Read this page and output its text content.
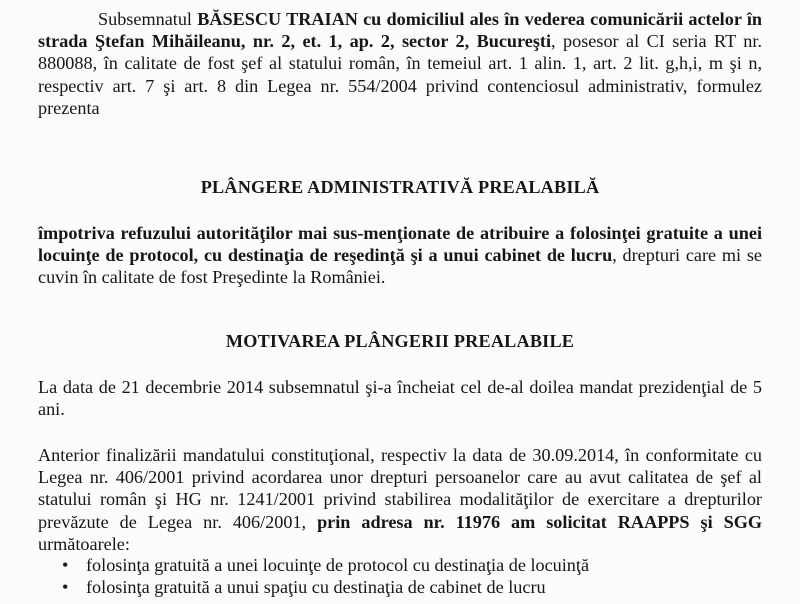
Subsemnatul BĂSESCU TRAIAN cu domiciliul ales în vederea comunicării actelor în strada Ştefan Mihăileanu, nr. 2, et. 1, ap. 2, sector 2, Bucureşti, posesor al CI seria RT nr. 880088, în calitate de fost şef al statului român, în temeiul art. 1 alin. 1, art. 2 lit. g,h,i, m şi n, respectiv art. 7 şi art. 8 din Legea nr. 554/2004 privind contenciosul administrativ, formulez prezenta

PLÂNGERE ADMINISTRATIVĂ PREALABILĂ

împotriva refuzului autorităţilor mai sus-menţionate de atribuire a folosinţei gratuite a unei locuinţe de protocol, cu destinaţia de reşedinţă şi a unui cabinet de lucru, drepturi care mi se cuvin în calitate de fost Preşedinte la României.

MOTIVAREA PLÂNGERII PREALABILE

La data de 21 decembrie 2014 subsemnatul şi-a încheiat cel de-al doilea mandat prezidenţial de 5 ani.

Anterior finalizării mandatului constituţional, respectiv la data de 30.09.2014, în conformitate cu Legea nr. 406/2001 privind acordarea unor drepturi persoanelor care au avut calitatea de şef al statului român şi HG nr. 1241/2001 privind stabilirea modalităţilor de exercitare a drepturilor prevăzute de Legea nr. 406/2001, prin adresa nr. 11976 am solicitat RAAPPS şi SGG următoarele:

• folosinţa gratuită a unei locuinţe de protocol cu destinaţia de locuinţă
• folosinţa gratuită a unui spaţiu cu destinaţia de cabinet de lucru
